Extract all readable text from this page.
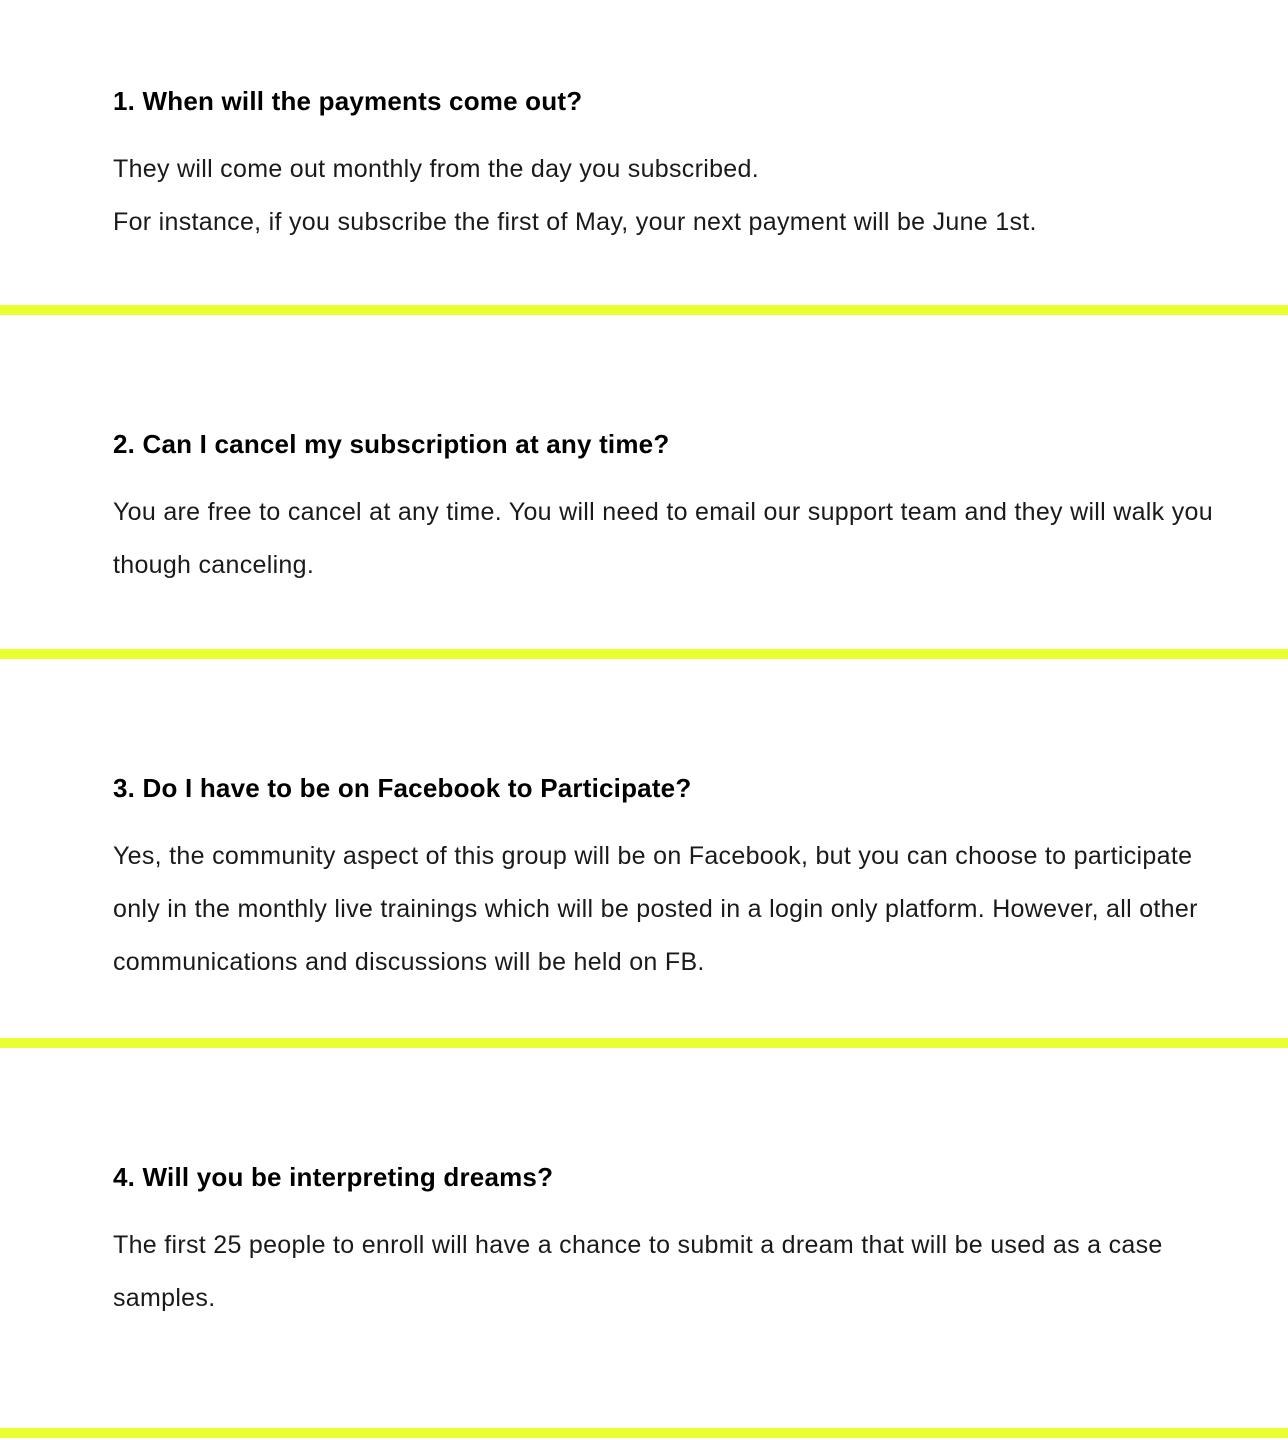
1. When will the payments come out?

They will come out monthly from the day you subscribed.
For instance, if you subscribe the first of May, your next payment will be June 1st.

2. Can I cancel my subscription at any time?

You are free to cancel at any time. You will need to email our support team and they will walk you though canceling.

3. Do I have to be on Facebook to Participate?

Yes, the community aspect of this group will be on Facebook, but you can choose to participate only in the monthly live trainings which will be posted in a login only platform. However, all other communications and discussions will be held on FB.

4. Will you be interpreting dreams?

The first 25 people to enroll will have a chance to submit a dream that will be used as a case samples.
